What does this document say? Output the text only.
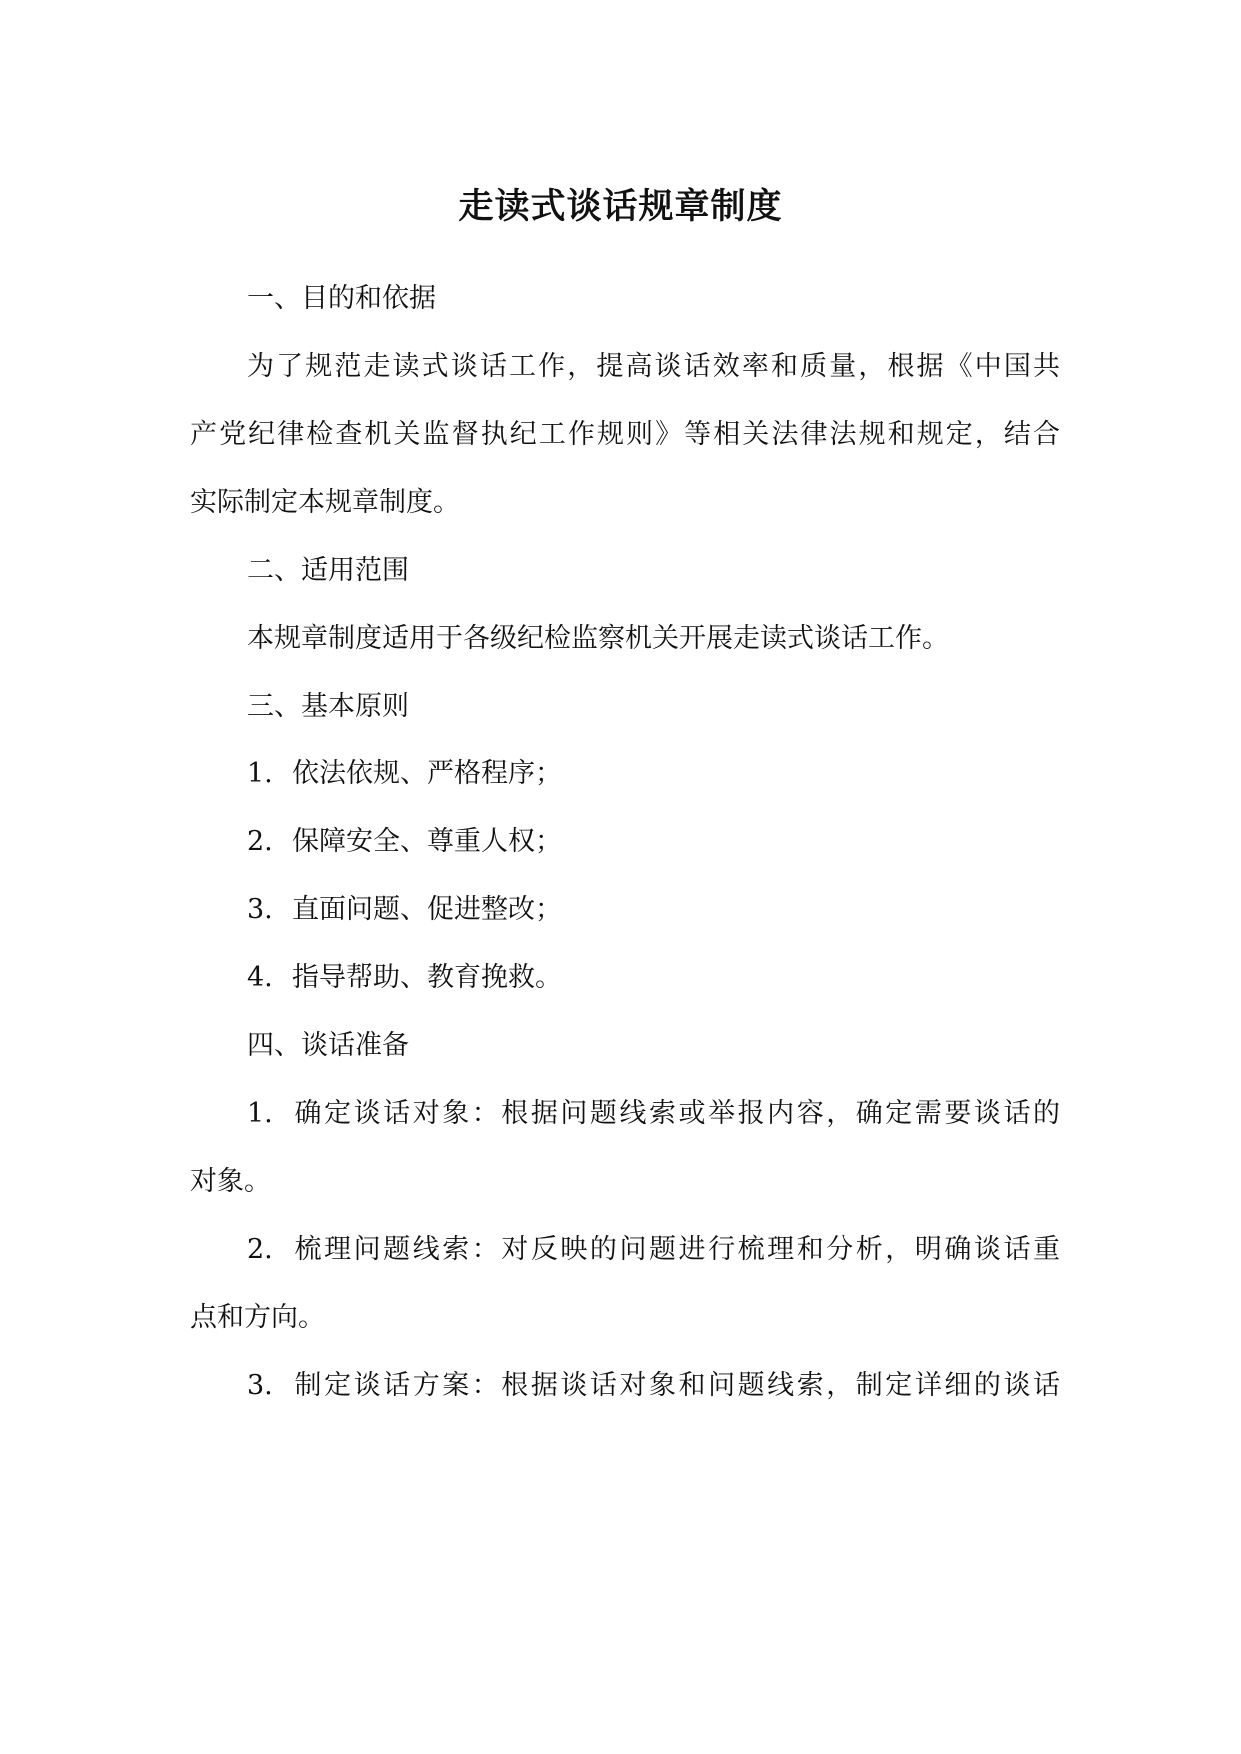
走读式谈话规章制度

一、目的和依据

为了规范走读式谈话工作，提高谈话效率和质量，根据《中国共

产党纪律检查机关监督执纪工作规则》等相关法律法规和规定，结合

实际制定本规章制度。

二、适用范围

本规章制度适用于各级纪检监察机关开展走读式谈话工作。

三、基本原则

1. 依法依规、严格程序；

2. 保障安全、尊重人权；

3. 直面问题、促进整改；

4. 指导帮助、教育挽救。

四、谈话准备

1. 确定谈话对象：根据问题线索或举报内容，确定需要谈话的

对象。

2. 梳理问题线索：对反映的问题进行梳理和分析，明确谈话重

点和方向。

3. 制定谈话方案：根据谈话对象和问题线索，制定详细的谈话
